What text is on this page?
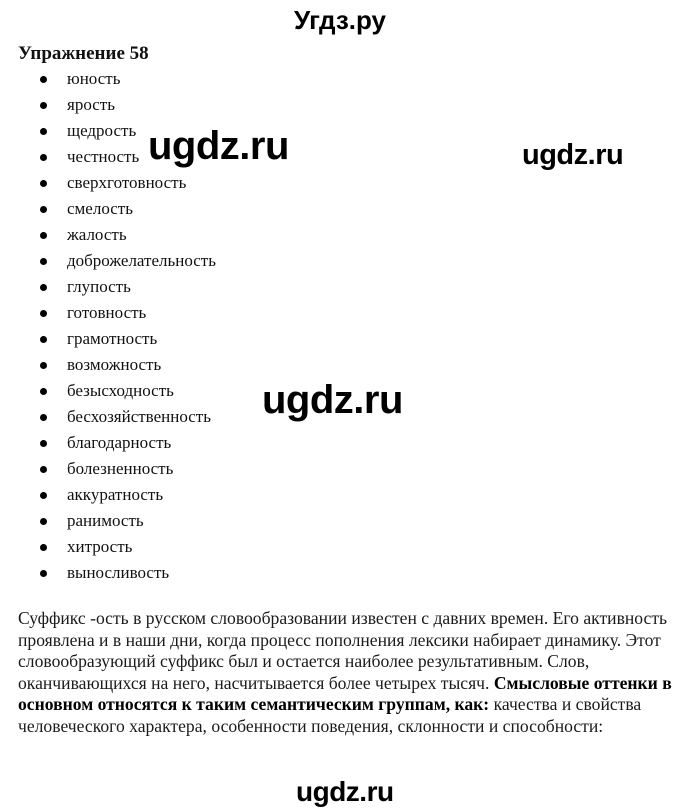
Угдз.ру
Упражнение 58
юность
ярость
щедрость
честность
сверхготовность
смелость
жалость
доброжелательность
глупость
готовность
грамотность
возможность
безысходность
бесхозяйственность
благодарность
болезненность
аккуратность
ранимость
хитрость
выносливость

Суффикс -ость в русском словообразовании известен с давних времен. Его активность проявлена и в наши дни, когда процесс пополнения лексики набирает динамику. Этот словообразующий суффикс был и остается наиболее результативным. Слов, оканчивающихся на него, насчитывается более четырех тысяч. Смысловые оттенки в основном относятся к таким семантическим группам, как: качества и свойства человеческого характера, особенности поведения, склонности и способности:

ugdz.ru	ugdz.ru
ugdz.ru
ugdz.ru
